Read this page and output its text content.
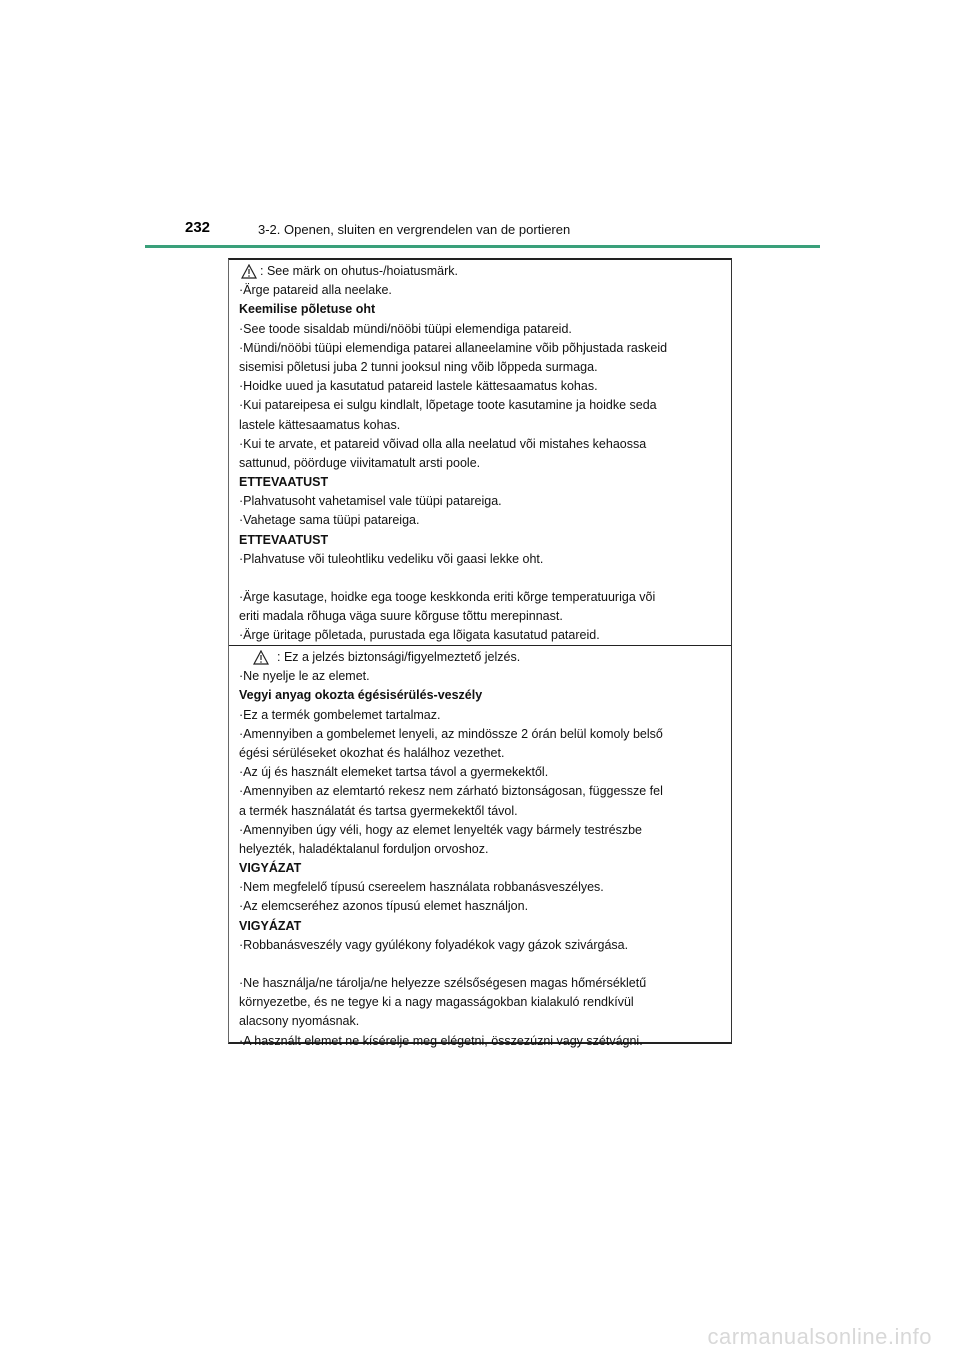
232	3-2. Openen, sluiten en vergrendelen van de portieren
: See märk on ohutus-/hoiatusmärk.
·Ärge patareid alla neelake.
Keemilise põletuse oht
·See toode sisaldab mündi/nööbi tüüpi elemendiga patareid.
·Mündi/nööbi tüüpi elemendiga patarei allaneelamine võib põhjustada raskeid
sisemisi põletusi juba 2 tunni jooksul ning võib lõppeda surmaga.
·Hoidke uued ja kasutatud patareid lastele kättesaamatus kohas.
·Kui patareipesa ei sulgu kindlalt, lõpetage toote kasutamine ja hoidke seda
lastele kättesaamatus kohas.
·Kui te arvate, et patareid võivad olla alla neelatud või mistahes kehaossa
sattunud, pöörduge viivitamatult arsti poole.
ETTEVAATUST
·Plahvatusoht vahetamisel vale tüüpi patareiga.
·Vahetage sama tüüpi patareiga.
ETTEVAATUST
·Plahvatuse või tuleohtliku vedeliku või gaasi lekke oht.
·Ärge kasutage, hoidke ega tooge keskkonda eriti kõrge temperatuuriga või
eriti madala rõhuga väga suure kõrguse tõttu merepinnast.
·Ärge üritage põletada, purustada ega lõigata kasutatud patareid.
: Ez a jelzés biztonsági/figyelmeztető jelzés.
·Ne nyelje le az elemet.
Vegyi anyag okozta égésisérülés-veszély
·Ez a termék gombelemet tartalmaz.
·Amennyiben a gombelemet lenyeli, az mindössze 2 órán belül komoly belső
égési sérüléseket okozhat és halálhoz vezethet.
·Az új és használt elemeket tartsa távol a gyermekektől.
·Amennyiben az elemtartó rekesz nem zárható biztonságosan, függessze fel
a termék használatát és tartsa gyermekektől távol.
·Amennyiben úgy véli, hogy az elemet lenyelték vagy bármely testrészbe
helyezték, haladéktalanul forduljon orvoshoz.
VIGYÁZAT
·Nem megfelelő típusú csereelem használata robbanásveszélyes.
·Az elemcseréhez azonos típusú elemet használjon.
VIGYÁZAT
·Robbanásveszély vagy gyúlékony folyadékok vagy gázok szivárgása.
·Ne használja/ne tárolja/ne helyezze szélsőségesen magas hőmérsékletű
környezetbe, és ne tegye ki a nagy magasságokban kialakuló rendkívül
alacsony nyomásnak.
·A használt elemet ne kísérelje meg elégetni, összezúzni vagy szétvágni.
carmanualsonline.info
